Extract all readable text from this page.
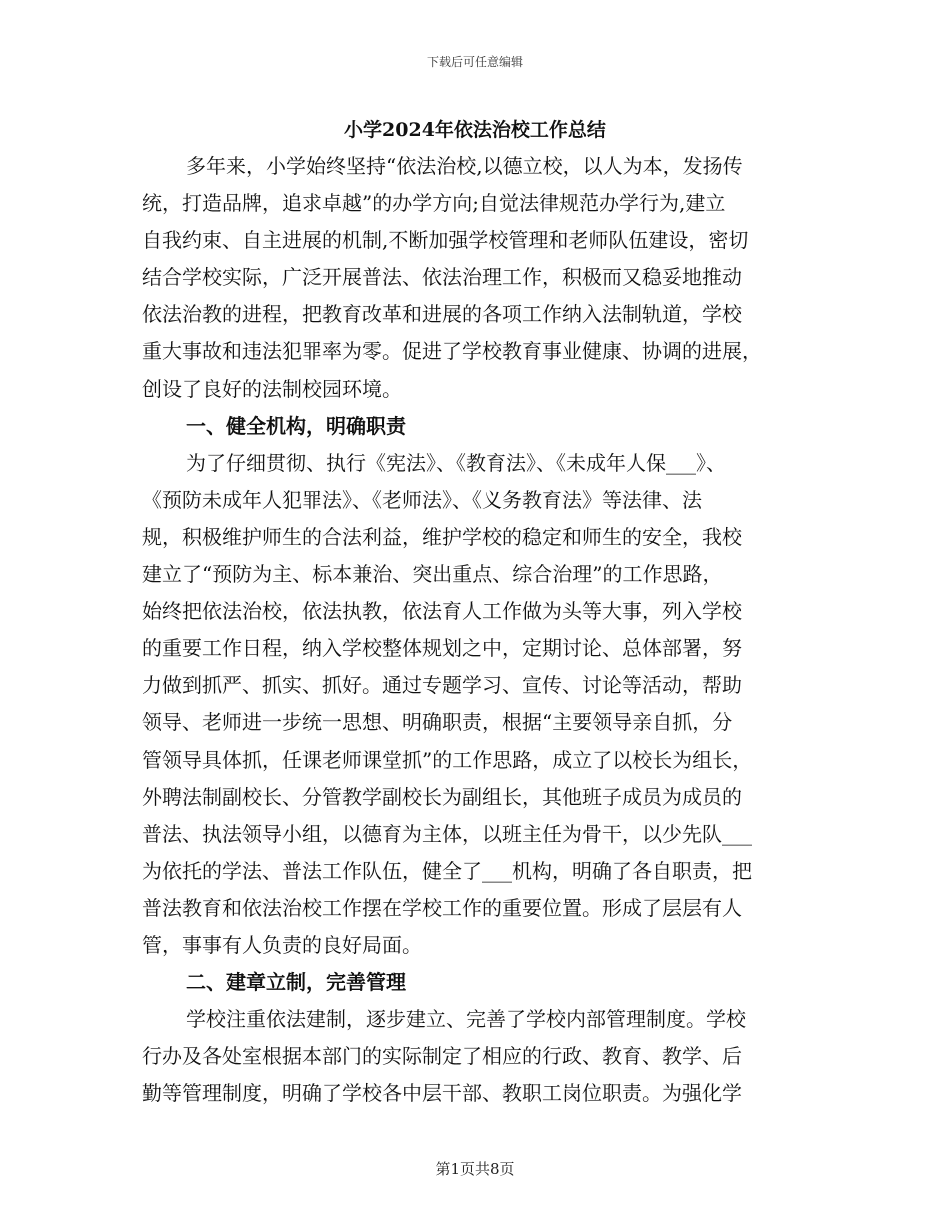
下载后可任意编辑
小学2024年依法治校工作总结
多年来，小学始终坚持“依法治校,以德立校，以人为本，发扬传
统，打造品牌，追求卓越”的办学方向;自觉法律规范办学行为,建立
自我约束、自主进展的机制,不断加强学校管理和老师队伍建设，密切
结合学校实际，广泛开展普法、依法治理工作，积极而又稳妥地推动
依法治教的进程，把教育改革和进展的各项工作纳入法制轨道，学校
重大事故和违法犯罪率为零。促进了学校教育事业健康、协调的进展，
创设了良好的法制校园环境。
一、健全机构，明确职责
为了仔细贯彻、执行《宪法》、《教育法》、《未成年人保___》、
《预防未成年人犯罪法》、《老师法》、《义务教育法》等法律、法
规，积极维护师生的合法利益，维护学校的稳定和师生的安全，我校
建立了“预防为主、标本兼治、突出重点、综合治理”的工作思路，
始终把依法治校，依法执教，依法育人工作做为头等大事，列入学校
的重要工作日程，纳入学校整体规划之中，定期讨论、总体部署，努
力做到抓严、抓实、抓好。通过专题学习、宣传、讨论等活动，帮助
领导、老师进一步统一思想、明确职责，根据“主要领导亲自抓，分
管领导具体抓，任课老师课堂抓”的工作思路，成立了以校长为组长，
外聘法制副校长、分管教学副校长为副组长，其他班子成员为成员的
普法、执法领导小组，以德育为主体，以班主任为骨干，以少先队___
为依托的学法、普法工作队伍，健全了___机构，明确了各自职责，把
普法教育和依法治校工作摆在学校工作的重要位置。形成了层层有人
管，事事有人负责的良好局面。
二、建章立制，完善管理
学校注重依法建制，逐步建立、完善了学校内部管理制度。学校
行办及各处室根据本部门的实际制定了相应的行政、教育、教学、后
勤等管理制度，明确了学校各中层干部、教职工岗位职责。为强化学
第1页共8页
